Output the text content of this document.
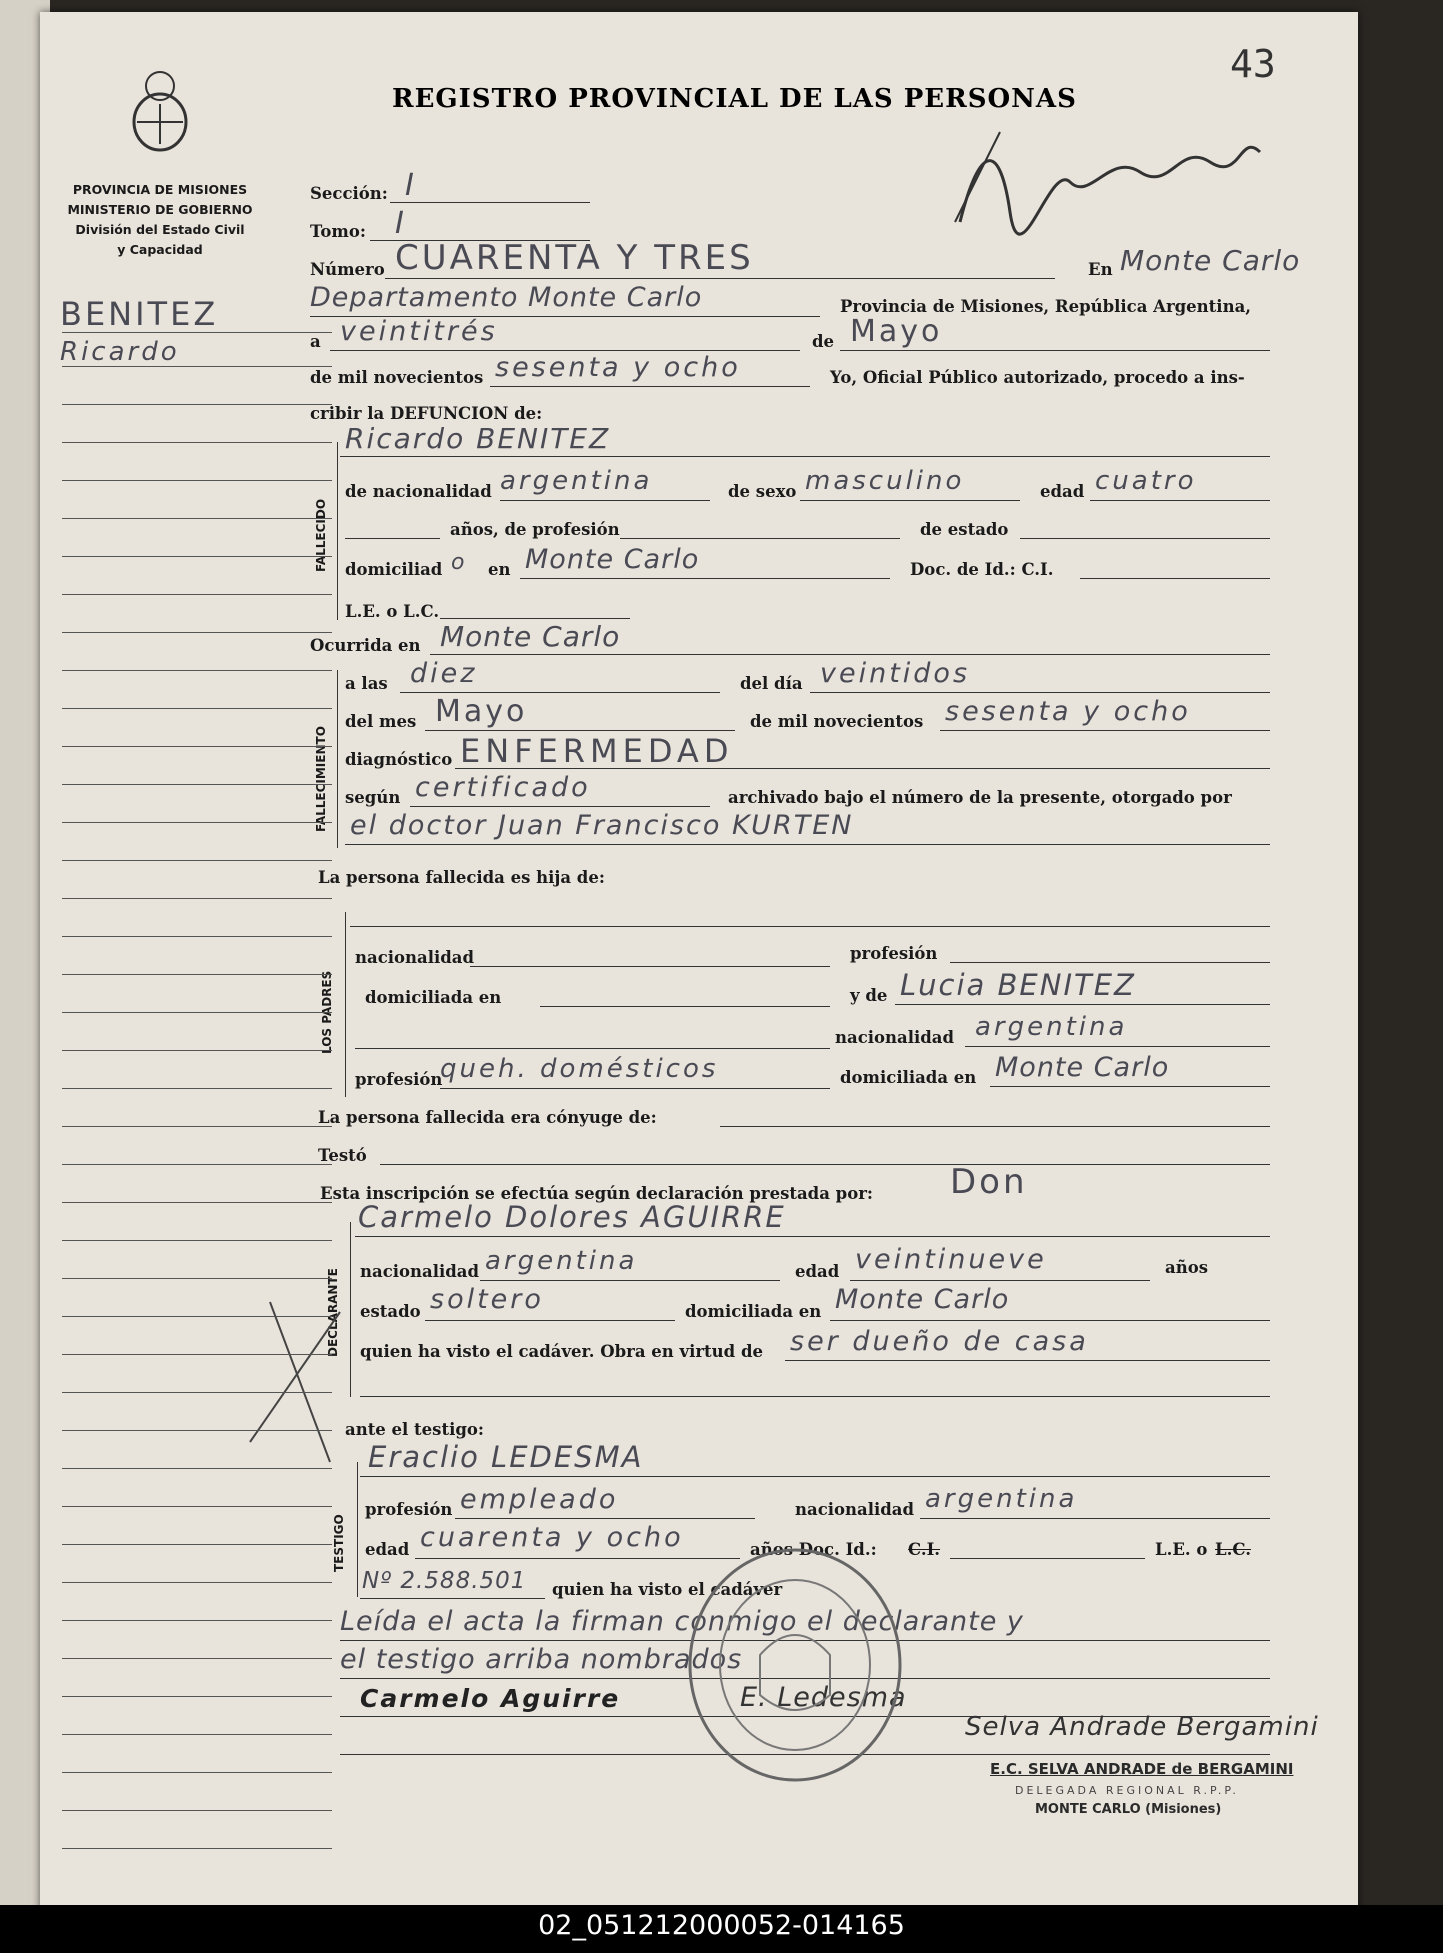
43
REGISTRO PROVINCIAL DE LAS PERSONAS
PROVINCIA DE MISIONES
MINISTERIO DE GOBIERNO
División del Estado Civil
y Capacidad
BENITEZ
Ricardo
Sección: I
Tomo: I
Número CUARENTA Y TRES	En Monte Carlo
Departamento Monte Carlo	Provincia de Misiones, República Argentina,
a veintitrés	de Mayo
de mil novecientos sesenta y ocho	Yo, Oficial Público autorizado, procedo a ins-
cribir la DEFUNCION de:
FALLECIDO
Ricardo BENITEZ
de nacionalidad argentina	de sexo masculino	edad cuatro
años, de profesión	de estado
domiciliad o en Monte Carlo	Doc. de Id.: C.I.
L.E. o L.C.
Ocurrida en Monte Carlo
FALLECIMIENTO
a las diez	del día veintidos
del mes Mayo	de mil novecientos sesenta y ocho
diagnóstico ENFERMEDAD
según certificado	archivado bajo el número de la presente, otorgado por
el doctor Juan Francisco KURTEN
La persona fallecida es hija de:
LOS PADRES
nacionalidad	profesión
domiciliada en	y de Lucia BENITEZ
nacionalidad argentina
profesión
queh. domésticos	domiciliada en Monte Carlo
La persona fallecida era cónyuge de:
Testó
Esta inscripción se efectúa según declaración prestada por: Don
DECLARANTE
Carmelo Dolores AGUIRRE
nacionalidad argentina	edad veintinueve	años
estado soltero	domiciliada en Monte Carlo
quien ha visto el cadáver. Obra en virtud de ser dueño de casa
ante el testigo:
TESTIGO
Eraclio LEDESMA
profesión empleado	nacionalidad argentina
edad cuarenta y ocho	años Doc. Id.: C.I.	L.E. o L.C.
Nº 2.588.501 quien ha visto el cadáver
Leída el acta la firman conmigo el declarante y
el testigo arriba nombrados
Carmelo Aguirre	E. Ledesma
Selva Andrade Bergamini
E.C. SELVA ANDRADE de BERGAMINI
DELEGADA REGIONAL R.P.P.
MONTE CARLO (Misiones)
02_051212000052-014165
